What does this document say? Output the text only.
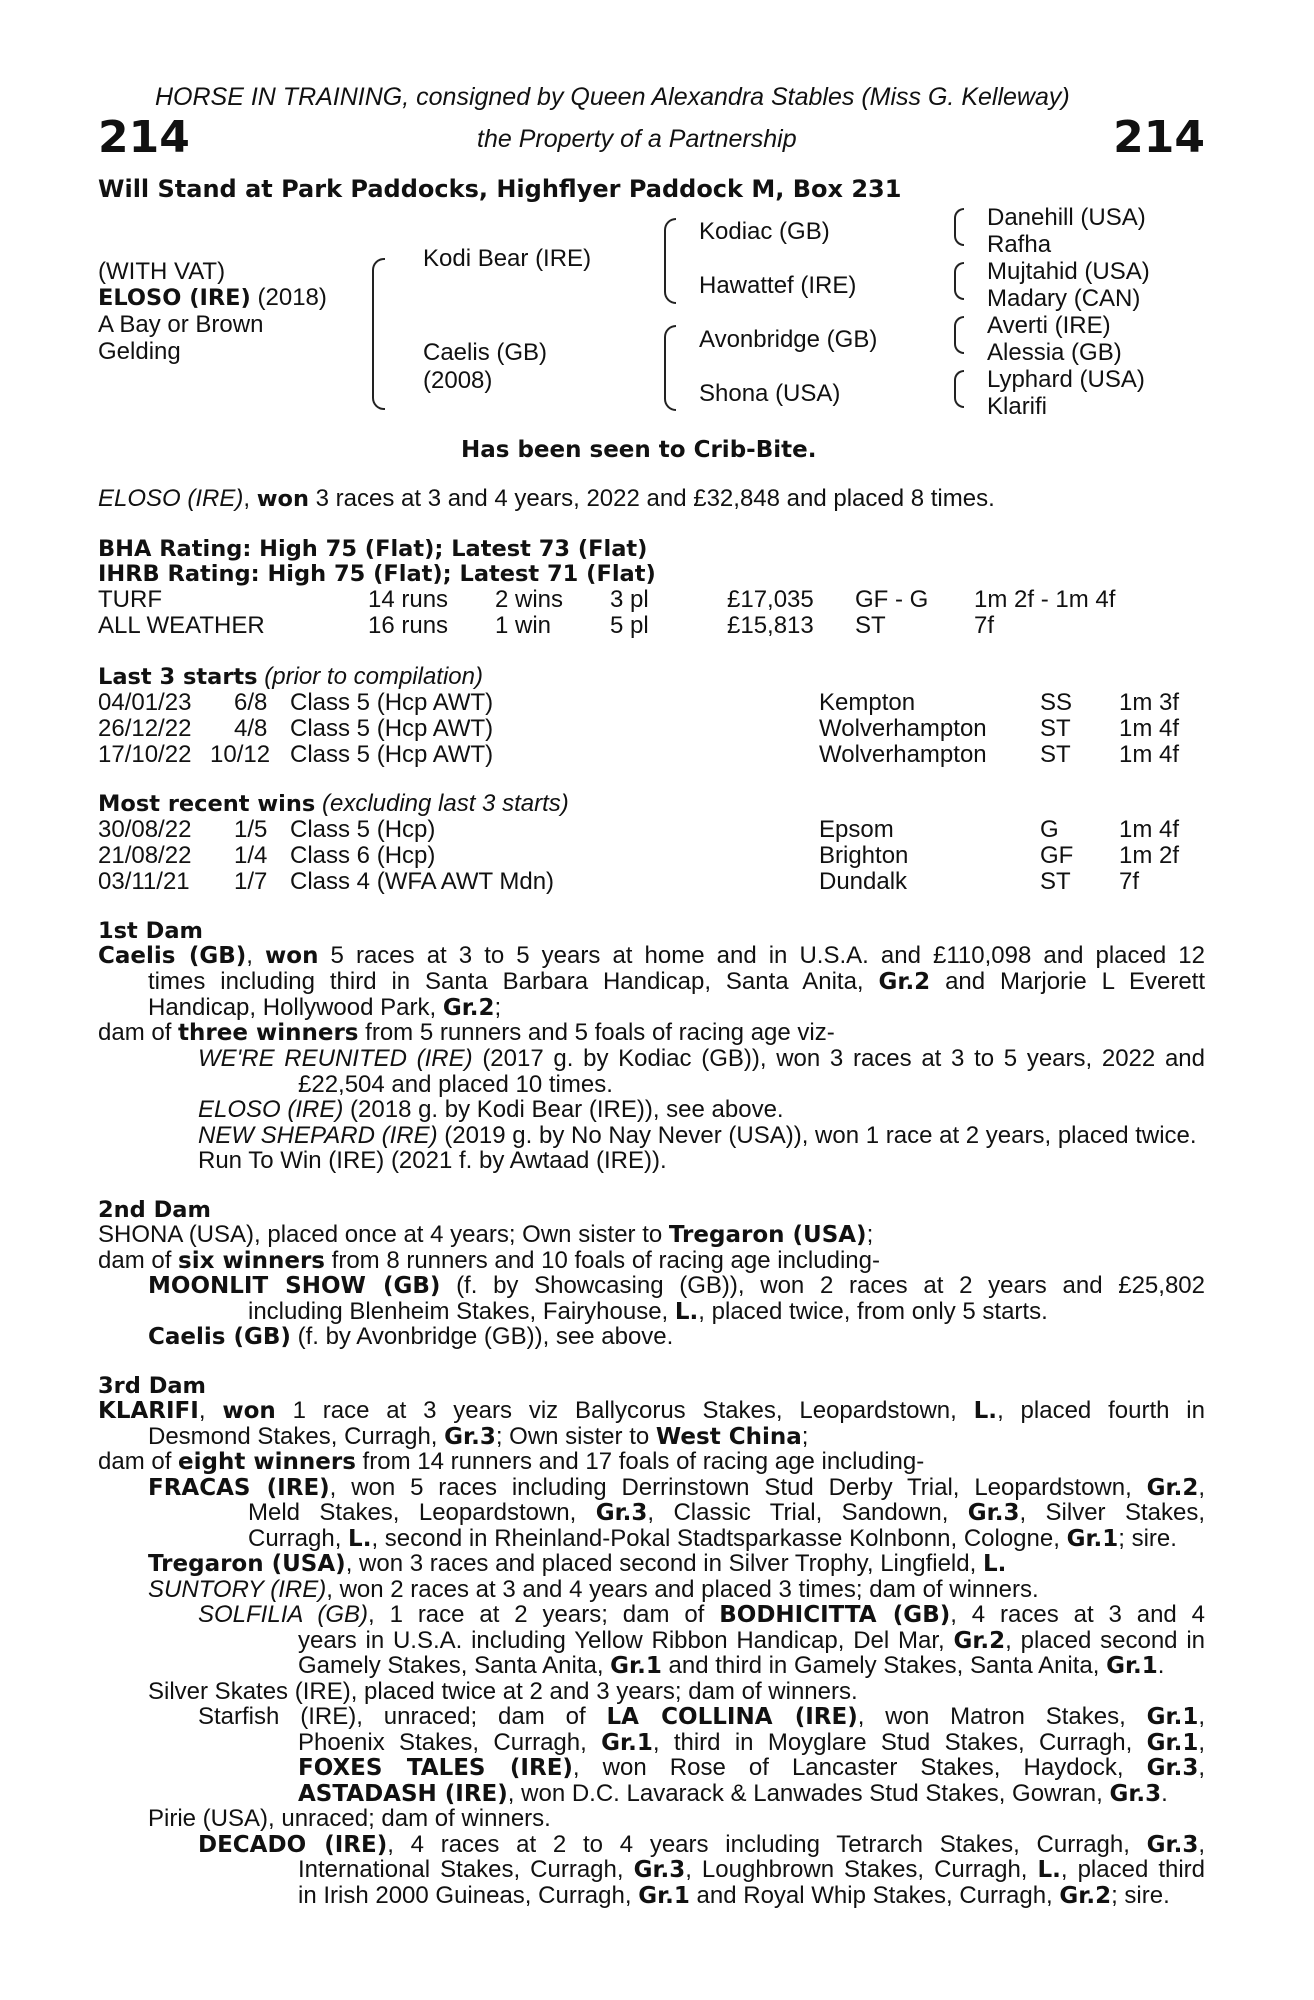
HORSE IN TRAINING, consigned by Queen Alexandra Stables (Miss G. Kelleway)
214	the Property of a Partnership	214
Will Stand at Park Paddocks, Highflyer Paddock M, Box 231
(WITH VAT)
ELOSO (IRE) (2018)
A Bay or Brown
Gelding
Kodi Bear (IRE)
Caelis (GB)
(2008)
Kodiac (GB)
Hawattef (IRE)
Avonbridge (GB)
Shona (USA)
Danehill (USA)
Rafha
Mujtahid (USA)
Madary (CAN)
Averti (IRE)
Alessia (GB)
Lyphard (USA)
Klarifi
Has been seen to Crib-Bite.
ELOSO (IRE), won 3 races at 3 and 4 years, 2022 and £32,848 and placed 8 times.
BHA Rating: High 75 (Flat); Latest 73 (Flat)
IHRB Rating: High 75 (Flat); Latest 71 (Flat)
TURF	14 runs 2 wins 3 pl	£17,035 GF - G 1m 2f - 1m 4f
ALL WEATHER	16 runs 1 win 5 pl	£15,813 ST	7f
Last 3 starts (prior to compilation)
04/01/23 6/8 Class 5 (Hcp AWT)	Kempton	SS 1m 3f
26/12/22 4/8 Class 5 (Hcp AWT)	Wolverhampton ST 1m 4f
17/10/22 10/12 Class 5 (Hcp AWT)	Wolverhampton ST 1m 4f
Most recent wins (excluding last 3 starts)
30/08/22 1/5 Class 5 (Hcp)	Epsom	G	1m 4f
21/08/22 1/4 Class 6 (Hcp)	Brighton	GF 1m 2f
03/11/21 1/7 Class 4 (WFA AWT Mdn)	Dundalk	ST 7f
1st Dam
Caelis (GB), won 5 races at 3 to 5 years at home and in U.S.A. and £110,098 and placed 12
times including third in Santa Barbara Handicap, Santa Anita, Gr.2 and Marjorie L Everett
Handicap, Hollywood Park, Gr.2;
dam of three winners from 5 runners and 5 foals of racing age viz-
WE'RE REUNITED (IRE) (2017 g. by Kodiac (GB)), won 3 races at 3 to 5 years, 2022 and
£22,504 and placed 10 times.
ELOSO (IRE) (2018 g. by Kodi Bear (IRE)), see above.
NEW SHEPARD (IRE) (2019 g. by No Nay Never (USA)), won 1 race at 2 years, placed twice.
Run To Win (IRE) (2021 f. by Awtaad (IRE)).
2nd Dam
SHONA (USA), placed once at 4 years; Own sister to Tregaron (USA);
dam of six winners from 8 runners and 10 foals of racing age including-
MOONLIT SHOW (GB) (f. by Showcasing (GB)), won 2 races at 2 years and £25,802
including Blenheim Stakes, Fairyhouse, L., placed twice, from only 5 starts.
Caelis (GB) (f. by Avonbridge (GB)), see above.
3rd Dam
KLARIFI, won 1 race at 3 years viz Ballycorus Stakes, Leopardstown, L., placed fourth in
Desmond Stakes, Curragh, Gr.3; Own sister to West China;
dam of eight winners from 14 runners and 17 foals of racing age including-
FRACAS (IRE), won 5 races including Derrinstown Stud Derby Trial, Leopardstown, Gr.2,
Meld Stakes, Leopardstown, Gr.3, Classic Trial, Sandown, Gr.3, Silver Stakes,
Curragh, L., second in Rheinland-Pokal Stadtsparkasse Kolnbonn, Cologne, Gr.1; sire.
Tregaron (USA), won 3 races and placed second in Silver Trophy, Lingfield, L.
SUNTORY (IRE), won 2 races at 3 and 4 years and placed 3 times; dam of winners.
SOLFILIA (GB), 1 race at 2 years; dam of BODHICITTA (GB), 4 races at 3 and 4
years in U.S.A. including Yellow Ribbon Handicap, Del Mar, Gr.2, placed second in
Gamely Stakes, Santa Anita, Gr.1 and third in Gamely Stakes, Santa Anita, Gr.1.
Silver Skates (IRE), placed twice at 2 and 3 years; dam of winners.
Starfish (IRE), unraced; dam of LA COLLINA (IRE), won Matron Stakes, Gr.1,
Phoenix Stakes, Curragh, Gr.1, third in Moyglare Stud Stakes, Curragh, Gr.1,
FOXES TALES (IRE), won Rose of Lancaster Stakes, Haydock, Gr.3,
ASTADASH (IRE), won D.C. Lavarack & Lanwades Stud Stakes, Gowran, Gr.3.
Pirie (USA), unraced; dam of winners.
DECADO (IRE), 4 races at 2 to 4 years including Tetrarch Stakes, Curragh, Gr.3,
International Stakes, Curragh, Gr.3, Loughbrown Stakes, Curragh, L., placed third
in Irish 2000 Guineas, Curragh, Gr.1 and Royal Whip Stakes, Curragh, Gr.2; sire.
